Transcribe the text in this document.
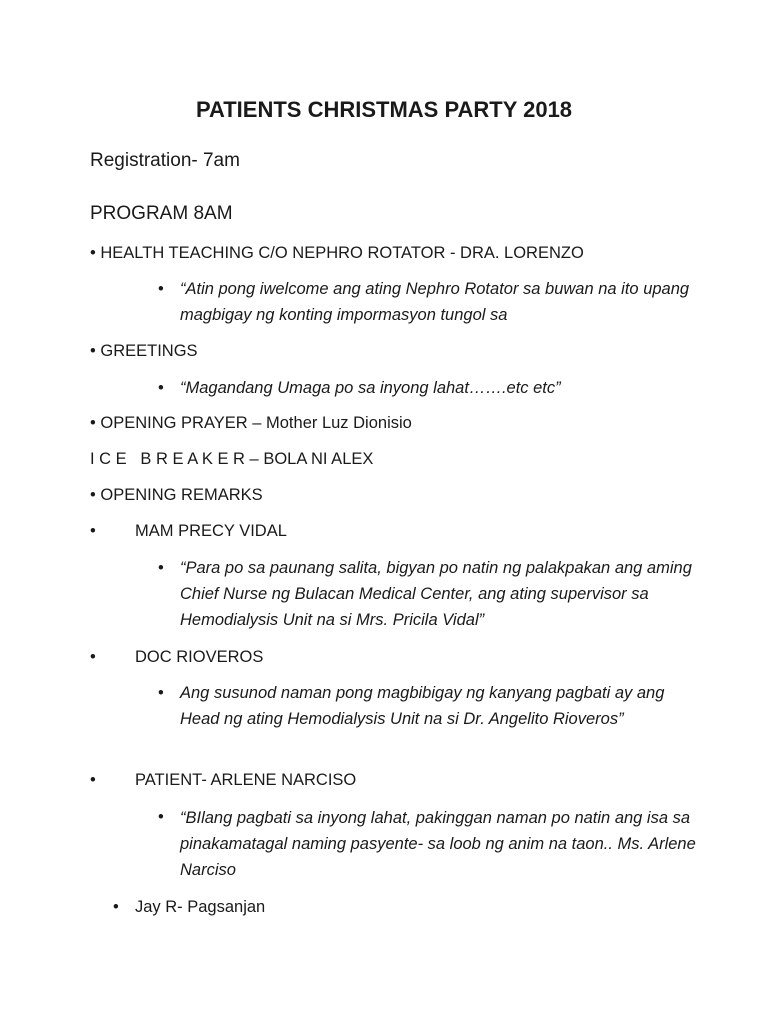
PATIENTS CHRISTMAS PARTY 2018
Registration- 7am
PROGRAM 8AM
• HEALTH TEACHING C/O NEPHRO ROTATOR - DRA. LORENZO
• “Atin pong iwelcome ang ating Nephro Rotator sa buwan na ito upang magbigay ng konting impormasyon tungol sa
• GREETINGS
• “Magandang Umaga po sa inyong lahat…….etc etc”
• OPENING PRAYER – Mother Luz Dionisio
I C E   B R E A K E R – BOLA NI ALEX
• OPENING REMARKS
• MAM PRECY VIDAL
• “Para po sa paunang salita, bigyan po natin ng palakpakan ang aming Chief Nurse ng Bulacan Medical Center, ang ating supervisor sa Hemodialysis Unit na si Mrs. Pricila Vidal”
• DOC RIOVEROS
• Ang susunod naman pong magbibigay ng kanyang pagbati ay ang Head ng ating Hemodialysis Unit na si Dr. Angelito Rioveros”
• PATIENT- ARLENE NARCISO
• “BIlang pagbati sa inyong lahat, pakinggan naman po natin ang isa sa pinakamatagal naming pasyente- sa loob ng anim na taon.. Ms. Arlene Narciso
• Jay R- Pagsanjan
